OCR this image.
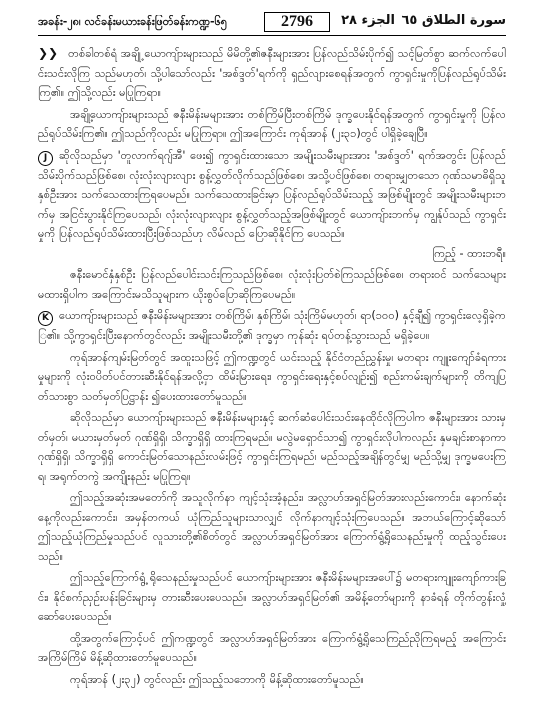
အခန်း-၂၈၊ လင်ခန်းမယားခန်းဖြတ်ခန်းကဏ္ဍ-၆၅	2796	الجزء ۲۸ سورة الطلاق ٦٥

❯❯ တစ်ခါတစ်ရံ အချို့ ယောကျ်ားများသည် မိမိတို့၏ဇနီးများအား ပြန်လည်သိမ်းပိုက်၍ သင့်မြတ်စွာ ဆက်လက်ပေါင်းသင်းလိုကြ သည်မဟုတ်၊ သို့ပါသော်လည်း 'အစ်ဒ္ဒတ်'ရက်ကို ရှည်လျားစေရန်အတွက် ကွာရှင်းမှုကိုပြန်လည်ရုပ်သိမ်းကြ၏။ ဤသို့လည်း မပြုကြရာ။

အချို့ယောကျ်ားများသည် ဇနီးမိန်းမများအား တစ်ကြိမ်ပြီးတစ်ကြိမ် ဒုက္ခပေးနိုင်ရန်အတွက် ကွာရှင်းမှုကို ပြန်လည်ရုပ်သိမ်းကြ၏။ ဤသည်ကိုလည်း မပြုကြရာ။ ဤအကြောင်း ကုရ်အာန် (၂း၃၁)တွင် ပါရှိခဲ့ချေပြီ။

J ဆိုလိုသည်မှာ 'တူလာက်ရဂျ်အီ' ဖေး၍ ကွာရှင်းထားသော အမျိုးသမီးများအား 'အစ်ဒ္ဒတ်' ရက်အတွင်း ပြန်လည်သိမ်းပိုက်သည်ဖြစ်စေ၊ လုံးလုံးလျားလျား စွန့်လွှတ်လိုက်သည်ဖြစ်စေ၊ အသို့ပင်ဖြစ်စေ၊ တရားမျှတသော ဂုဏ်သမာဓိရှိသူနှစ်ဦးအား သက်သေထားကြရပေမည်။ သက်သေထားခြင်းမှာ ပြန်လည်ရုပ်သိမ်းသည့် အဖြစ်မျိုးတွင် အမျိုးသမီးများဘက်မှ အငြင်းပွားနိုင်ကြပေသည်၊ လုံးလုံးလျားလျား စွန့်လွှတ်သည့်အဖြစ်မျိုးတွင် ယောကျ်ားဘက်မှ ကျွန်ုပ်သည် ကွာရှင်းမှုကို ပြန်လည်ရုပ်သိမ်းထားပြီးဖြစ်သည်ဟု လိမ်လည် ပြောဆိုနိုင်ကြ ပေသည်။
ကြည့် - ထားဘရီ။

ဇနီးမောင်နှံနှစ်ဦး ပြန်လည်ပေါင်းသင်းကြသည်ဖြစ်စေ၊ လုံးလုံးပြတ်စဲကြသည်ဖြစ်စေ၊ တရားဝင် သက်သေများ မထားရှိပါက အကြောင်းမသိသူများက ယိုးစွပ်ပြောဆိုကြပေမည်။

K ယောကျ်ားများသည် ဇနီးမိန်းမများအား တစ်ကြိမ်၊ နှစ်ကြိမ်၊ သုံးကြိမ်မဟုတ်၊ ရာ(၁၀၀) နှင့်ချီ၍ ကွာရှင်းလေ့ရှိခဲ့ကြ၏။ သို့ကွာရှင်းပြီးနောက်တွင်လည်း အမျိုးသမီးတို့၏ ဒုက္ခမှာ ကုန်ဆုံး ရပ်တန့်သွားသည် မရှိခဲ့ပေ။

ကုရ်အာန်ကျမ်းမြတ်တွင် အထူးသဖြင့် ဤကဏ္ဍတွင် ယင်းသည့် နိုင်ငံတည်ညွှန်းမှု၊ မတရား ကျူးကျော်ခံရကားမှုများကို လုံးဝပိတ်ပင်တားဆီးနိုင်ရန်အလို့ငှာ ထိမ်းမြားရေး၊ ကွာရှင်းရေးနှင့်စပ်လျဉ်း၍ စည်းကမ်းချက်များကို တိကျပြတ်သားစွာ သတ်မှတ်ပြဋ္ဌာန်း ၍ပေးထားတော်မူသည်။

ဆိုလိုသည်မှာ ယောကျ်ားများသည် ဇနီးမိန်းမများနှင့် ဆက်ဆံပေါင်းသင်းနေထိုင်လိုကြပါက ဇနီးများအား သားမှတ်မှတ်၊ မယားမှတ်မှတ် ဂုဏ်ရှိရှိ၊ သိက္ခာရှိရှိ ထားကြရမည်။ မလွဲမရှောင်သာ၍ ကွာရှင်းလိုပါကလည်း နှမချင်းစာနာကာ ဂုဏ်ရှိရှိ၊ သိက္ခာရှိရှိ ကောင်းမြတ်သောနည်းလမ်းဖြင့် ကွာရှင်းကြရမည်၊ မည်သည့်အချိန်တွင်မျှ မည်သို့မျှ ဒုက္ခမပေးကြရ၊ အရုက်တကွဲ အကျိုးနည်း မပြုကြရ။

ဤသည့်အဆုံးအမတော်ကို အသူလိုက်နာ ကျင့်သုံးအံ့နည်း၊ အလ္လာဟ်အရှင်မြတ်အားလည်းကောင်း၊ နောက်ဆုံးနေ့ကိုလည်းကောင်း၊ အမှန်တကယ် ယုံကြည်သူများသာလျှင် လိုက်နာကျင့်သုံးကြပေသည်။ အဘယ်ကြောင့်ဆိုသော် ဤသည့်ယုံကြည်မှုသည်ပင် လူသားတို့၏စိတ်တွင် အလ္လာဟ်အရှင်မြတ်အား ကြောက်ရွံ့ရိုသေနည်းမှုကို ထည့်သွင်းပေးသည်။

ဤသည့်ကြောက်ရွံ့ ရိုသေနည်းမှုသည်ပင် ယောကျ်ားများအား ဇနီးမိန်းမများအပေါ်၌ မတရားကျူးကျော်ကားခြင်း၊ နိုင်စက်ညှဉ်းပန်းခြင်းများမှ တားဆီးပေးပေသည်။ အလ္လာဟ်အရှင်မြတ်၏ အမိန့်တော်များကို နာခံရန် တိုက်တွန်းလှုံ့ဆော်ပေးပေသည်။

ထို့အတွက်ကြောင့်ပင် ဤကဏ္ဍတွင် အလ္လာဟ်အရှင်မြတ်အား ကြောက်ရွံ့ရိုသေကြည်ညိုကြရမည့် အကြောင်း အကြိမ်ကြိမ် မိန့်ဆိုထားတော်မူပေသည်။

ကုရ်အာန် (၂း၃၂) တွင်လည်း ဤသည့်သဘောကို မိန့်ဆိုထားတော်မူသည်။
